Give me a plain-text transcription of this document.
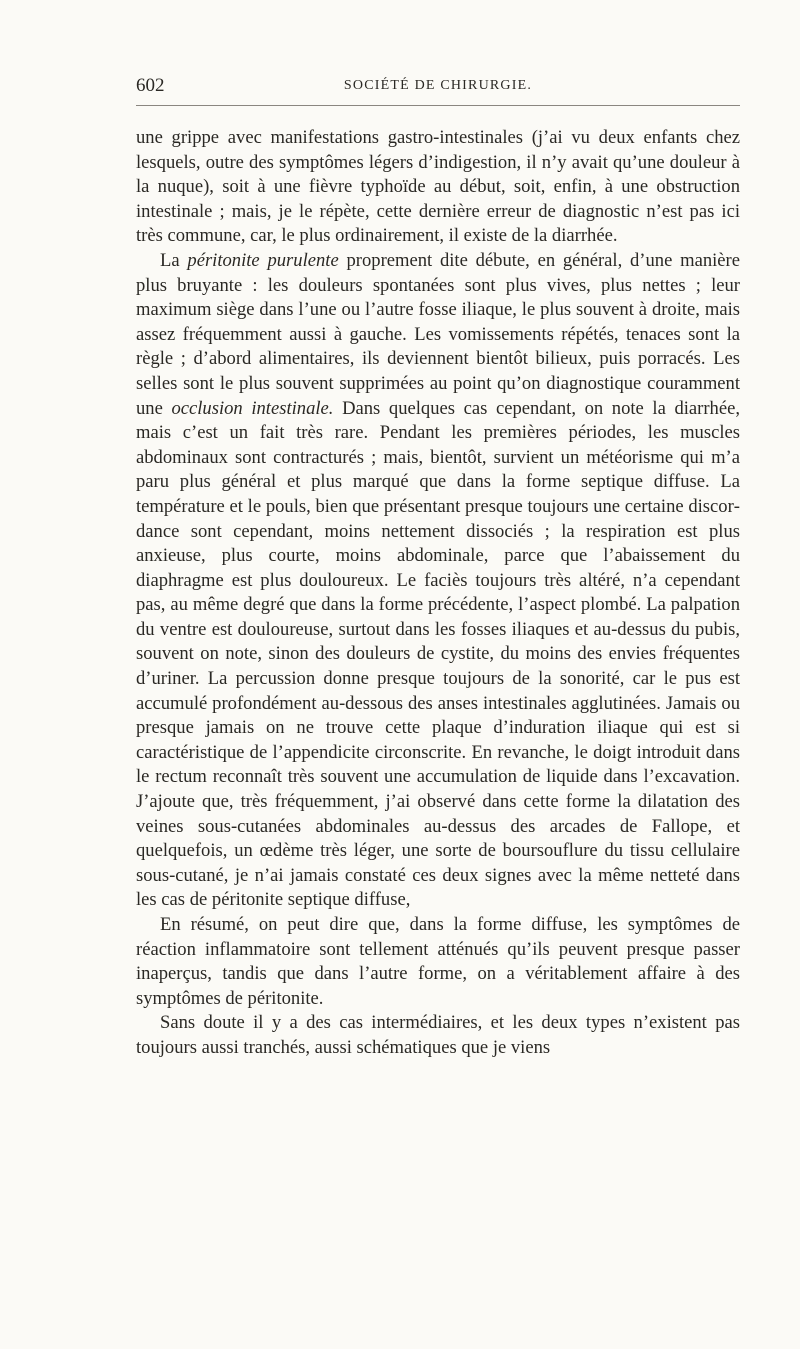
602	SOCIÉTÉ DE CHIRURGIE.

une grippe avec manifestations gastro-intestinales (j’ai vu deux enfants chez lesquels, outre des symptômes légers d’indigestion, il n’y avait qu’une douleur à la nuque), soit à une fièvre typhoïde au début, soit, enfin, à une obstruction intestinale ; mais, je le répète, cette dernière erreur de diagnostic n’est pas ici très commune, car, le plus ordinairement, il existe de la diarrhée.

La péritonite purulente proprement dite débute, en général, d’une manière plus bruyante : les douleurs spontanées sont plus vives, plus nettes ; leur maximum siège dans l’une ou l’autre fosse iliaque, le plus souvent à droite, mais assez fréquemment aussi à gauche. Les vomissements répétés, tenaces sont la règle ; d’abord alimentaires, ils deviennent bientôt bilieux, puis porracés. Les selles sont le plus souvent supprimées au point qu’on diagnostique couramment une occlusion intestinale. Dans quelques cas cependant, on note la diarrhée, mais c’est un fait très rare. Pendant les premières périodes, les muscles abdominaux sont contracturés ; mais, bientôt, survient un météorisme qui m’a paru plus général et plus marqué que dans la forme septique diffuse. La température et le pouls, bien que présentant presque toujours une certaine discordance sont cependant, moins nettement dissociés ; la respiration est plus anxieuse, plus courte, moins abdominale, parce que l’abaissement du diaphragme est plus douloureux. Le faciès toujours très altéré, n’a cependant pas, au même degré que dans la forme précédente, l’aspect plombé. La palpation du ventre est douloureuse, surtout dans les fosses iliaques et au-dessus du pubis, souvent on note, sinon des douleurs de cystite, du moins des envies fréquentes d’uriner. La percussion donne presque toujours de la sonorité, car le pus est accumulé profondément au-dessous des anses intestinales agglutinées. Jamais ou presque jamais on ne trouve cette plaque d’induration iliaque qui est si caractéristique de l’appendicite circonscrite. En revanche, le doigt introduit dans le rectum reconnaît très souvent une accumulation de liquide dans l’excavation. J’ajoute que, très fréquemment, j’ai observé dans cette forme la dilatation des veines sous-cutanées abdominales au-dessus des arcades de Fallope, et quelquefois, un œdème très léger, une sorte de boursouflure du tissu cellulaire sous-cutané, je n’ai jamais constaté ces deux signes avec la même netteté dans les cas de péritonite septique diffuse,

En résumé, on peut dire que, dans la forme diffuse, les symptômes de réaction inflammatoire sont tellement atténués qu’ils peuvent presque passer inaperçus, tandis que dans l’autre forme, on a véritablement affaire à des symptômes de péritonite.

Sans doute il y a des cas intermédiaires, et les deux types n’existent pas toujours aussi tranchés, aussi schématiques que je viens
